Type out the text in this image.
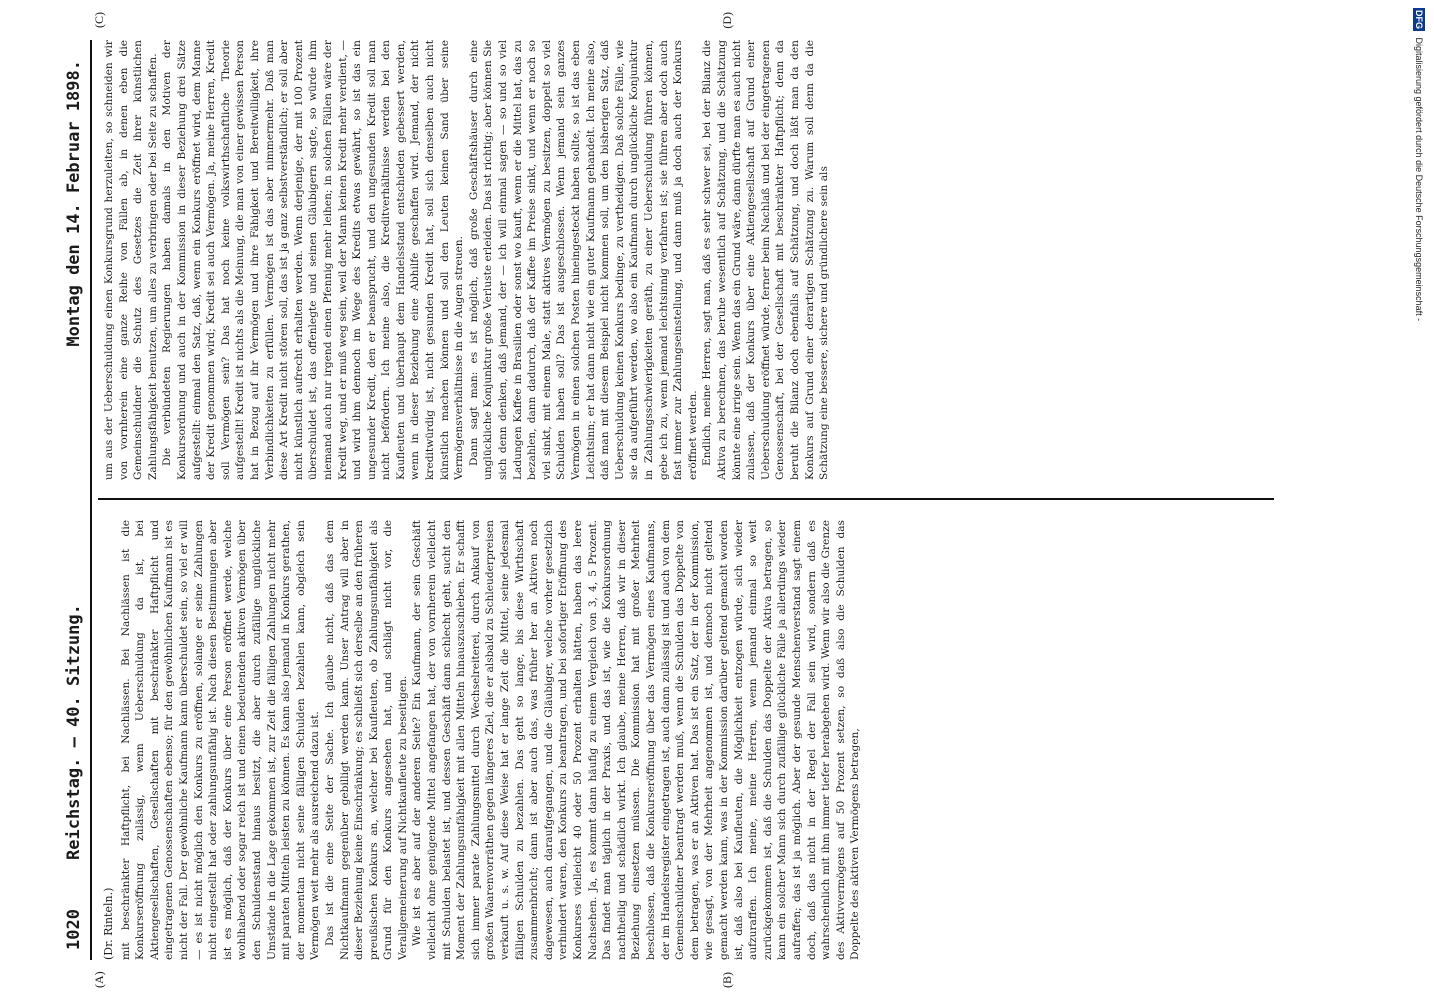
1020
Reichstag. — 40. Sitzung.
Montag den 14. Februar 1898.
(A)	(B)
(C)	(D)
(Dr. Rinteln.) mit beschränkter Haftpflicht, bei Nachlässen. Bei Nachlässen ist die Konkurseröffnung zulässig, wenn Ueberschuldung da ist, bei Aktiengesellschaften, Gesellschaften mit beschränkter Haftpflicht und eingetragenen Genossenschaften ebenso; für den gewöhnlichen Kaufmann ist es nicht der Fall. Der gewöhnliche Kaufmann kann überschuldet sein, so viel er will — es ist nicht möglich den Konkurs zu eröffnen, solange er seine Zahlungen nicht eingestellt hat oder zahlungsunfähig ist. Nach diesen Bestimmungen aber ist es möglich, daß der Konkurs über eine Person eröffnet werde, welche wohlhabend oder sogar reich ist und einen bedeutenden aktiven Vermögen über den Schuldenstand hinaus besitzt, die aber durch zufällige unglückliche Umstände in die Lage gekommen ist, zur Zeit die fälligen Zahlungen nicht mehr mit paraten Mitteln leisten zu können. Es kann also jemand in Konkurs gerathen, der momentan nicht seine fälligen Schulden bezahlen kann, obgleich sein Vermögen weit mehr als ausreichend dazu ist. Das ist die eine Seite der Sache. Ich glaube nicht, daß das dem Nichtkaufmann gegenüber gebilligt werden kann. Unser Antrag will aber in dieser Beziehung keine Einschränkung; es schließt sich derselbe an den früheren preußischen Konkurs an, welcher bei Kaufleuten, ob Zahlungsunfähigkeit als Grund für den Konkurs angesehen hat, und schlägt nicht vor, die Verallgemeinerung auf Nichtkaufleute zu beseitigen. Wie ist es aber auf der anderen Seite? Ein Kaufmann, der sein Geschäft vielleicht ohne genügende Mittel angefangen hat, der von vornherein vielleicht mit Schulden belastet ist, und dessen Geschäft dann schlecht geht, sucht den Moment der Zahlungsunfähigkeit mit allen Mitteln hinauszuschieben. Er schafft sich immer parate Zahlungsmittel durch Wechselreiterei, durch Ankauf von großen Waarenvorräthen gegen längeres Ziel, die er alsbald zu Schleuderpreisen verkauft u. s. w. Auf diese Weise hat er lange Zeit die Mittel, seine jedesmal fälligen Schulden zu bezahlen. Das geht so lange, bis diese Wirthschaft zusammenbricht; dann ist aber auch das, was früher her an Aktiven noch dagewesen, auch daraufgegangen, und die Gläubiger, welche vorher gesetzlich verhindert waren, den Konkurs zu beantragen, und bei sofortiger Eröffnung des Konkurses vielleicht 40 oder 50 Prozent erhalten hätten, haben das leere Nachsehen. Ja, es kommt dann häufig zu einem Vergleich von 3, 4, 5 Prozent. Das findet man täglich in der Praxis, und das ist, wie die Konkursordnung nachtheilig und schädlich wirkt. Ich glaube, meine Herren, daß wir in dieser Beziehung einsetzen müssen. Die Kommission hat mit großer Mehrheit beschlossen, daß die Konkurseröffnung über das Vermögen eines Kaufmanns, der im Handelsregister eingetragen ist, auch dann zulässig ist und auch von dem Gemeinschuldner beantragt werden muß, wenn die Schulden das Doppelte von dem betragen, was er an Aktiven hat. Das ist ein Satz, der in der Kommission, wie gesagt, von der Mehrheit angenommen ist, und dennoch nicht geltend gemacht werden kann, was in der Kommission darüber geltend gemacht worden ist, daß also bei Kaufleuten, die Möglichkeit entzogen würde, sich wieder aufzuraffen. Ich meine, meine Herren, wenn jemand einmal so weit zurückgekommen ist, daß die Schulden das Doppelte der Aktiva betragen, so kann ein solcher Mann sich durch zufällige glückliche Fälle ja allerdings wieder aufraffen; das ist ja möglich. Aber der gesunde Menschenverstand sagt einem doch, daß das nicht in der Regel der Fall sein wird, sondern daß es wahrscheinlich mit ihm immer tiefer herabgehen wird. Wenn wir also die Grenze des Aktivvermögens auf 50 Prozent setzen, so daß also die Schulden das Doppelte des aktiven Vermögens betragen,

um aus der Ueberschuldung einen Konkursgrund herzuleiten, so schneiden wir von vornherein eine ganze Reihe von Fällen ab, in denen eben die Gemeinschuldner die Schutz des Gesetzes die Zeit ihrer künstlichen Zahlungsfähigkeit benutzen, um alles zu verbringen oder bei Seite zu schaffen. Die verbündeten Regierungen haben damals in den Motiven der Konkursordnung und auch in der Kommission in dieser Beziehung drei Sätze aufgestellt: einmal den Satz, daß, wenn ein Konkurs eröffnet wird, dem Manne der Kredit genommen wird; Kredit sei auch Vermögen. Ja, meine Herren, Kredit soll Vermögen sein? Das hat noch keine volkswirthschaftliche Theorie aufgestellt! Kredit ist nichts als die Meinung, die man von einer gewissen Person hat in Bezug auf ihr Vermögen und ihre Fähigkeit und Bereitwilligkeit, ihre Verbindlichkeiten zu erfüllen. Vermögen ist das aber nimmermehr. Daß man diese Art Kredit nicht stören soll, das ist ja ganz selbstverständlich; er soll aber nicht künstlich aufrecht erhalten werden. Wenn derjenige, der mit 100 Prozent überschuldet ist, das offenlegte und seinen Gläubigern sagte, so würde ihm niemand auch nur irgend einen Pfennig mehr leihen; in solchen Fällen wäre der Kredit weg, und er muß weg sein, weil der Mann keinen Kredit mehr verdient, — und wird ihm dennoch im Wege des Kredits etwas gewährt, so ist das ein ungesunder Kredit, den er beansprucht, und den ungesunden Kredit soll man nicht befördern. Ich meine also, die Kreditverhältnisse werden bei den Kaufleuten und überhaupt dem Handelsstand entschieden gebessert werden, wenn in dieser Beziehung eine Abhilfe geschaffen wird. Jemand, der nicht kreditwürdig ist, nicht gesunden Kredit hat, soll sich denselben auch nicht künstlich machen können und soll den Leuten keinen Sand über seine Vermögensverhältnisse in die Augen streuen. Dann sagt man: es ist möglich, daß große Geschäftshäuser durch eine unglückliche Konjunktur große Verluste erleiden. Das ist richtig; aber können Sie sich denn denken, daß jemand, der — ich will einmal sagen — so und so viel Ladungen Kaffee in Brasilien oder sonst wo kauft, wenn er die Mittel hat, das zu bezahlen, dann dadurch, daß der Kaffee im Preise sinkt, und wenn er noch so viel sinkt, mit einem Male, statt aktives Vermögen zu besitzen, doppelt so viel Schulden haben soll? Das ist ausgeschlossen. Wenn jemand sein ganzes Vermögen in einen solchen Posten hineingesteckt haben sollte, so ist das eben Leichtsinn; er hat dann nicht wie ein guter Kaufmann gehandelt. Ich meine also, daß man mit diesem Beispiel nicht kommen soll, um den bisherigen Satz, daß Ueberschuldung keinen Konkurs bedinge, zu vertheidigen. Daß solche Fälle, wie sie da aufgeführt werden, wo also ein Kaufmann durch unglückliche Konjunktur in Zahlungsschwierigkeiten geräth, zu einer Ueberschuldung führen können, gebe ich zu, wenn jemand leichtsinnig verfahren ist; sie führen aber doch auch fast immer zur Zahlungseinstellung, und dann muß ja doch auch der Konkurs eröffnet werden. Endlich, meine Herren, sagt man, daß es sehr schwer sei, bei der Bilanz die Aktiva zu berechnen, das beruhe wesentlich auf Schätzung, und die Schätzung könnte eine irrige sein. Wenn das ein Grund wäre, dann dürfte man es auch nicht zulassen, daß der Konkurs über eine Aktiengesellschaft auf Grund einer Ueberschuldung eröffnet würde, ferner beim Nachlaß und bei der eingetragenen Genossenschaft, bei der Gesellschaft mit beschränkter Haftpflicht; denn da beruht die Bilanz doch ebenfalls auf Schätzung, und doch läßt man da den Konkurs auf Grund einer derartigen Schätzung zu. Warum soll denn da die Schätzung eine bessere, sichere und gründlichere sein als

DFG Digitalisierung gefördert durch die Deutsche Forschungsgemeinschaft -
